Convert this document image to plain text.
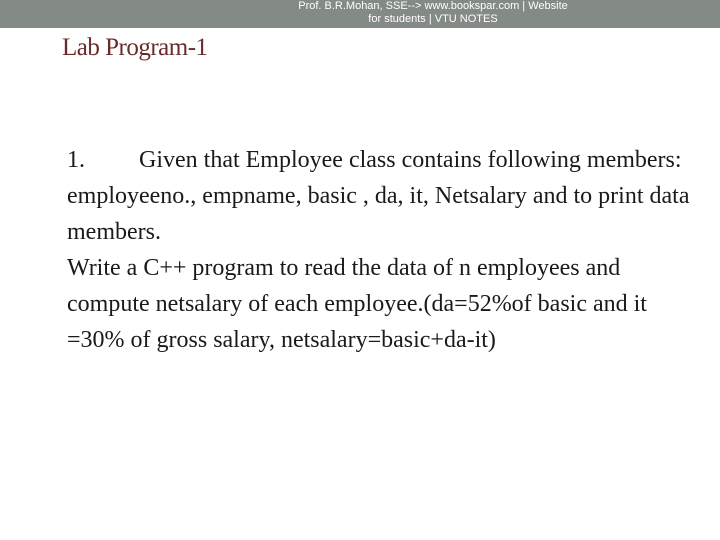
Prof. B.R.Mohan, SSE--> www.bookspar.com | Website
for students | VTU NOTES
Lab Program-1

1. Given that Employee class contains following members: employeeno., empname, basic , da, it, Netsalary and to print data members.

Write a C++ program to read the data of n employees and compute netsalary of each employee.(da=52%of basic and it =30% of gross salary, netsalary=basic+da-it)
